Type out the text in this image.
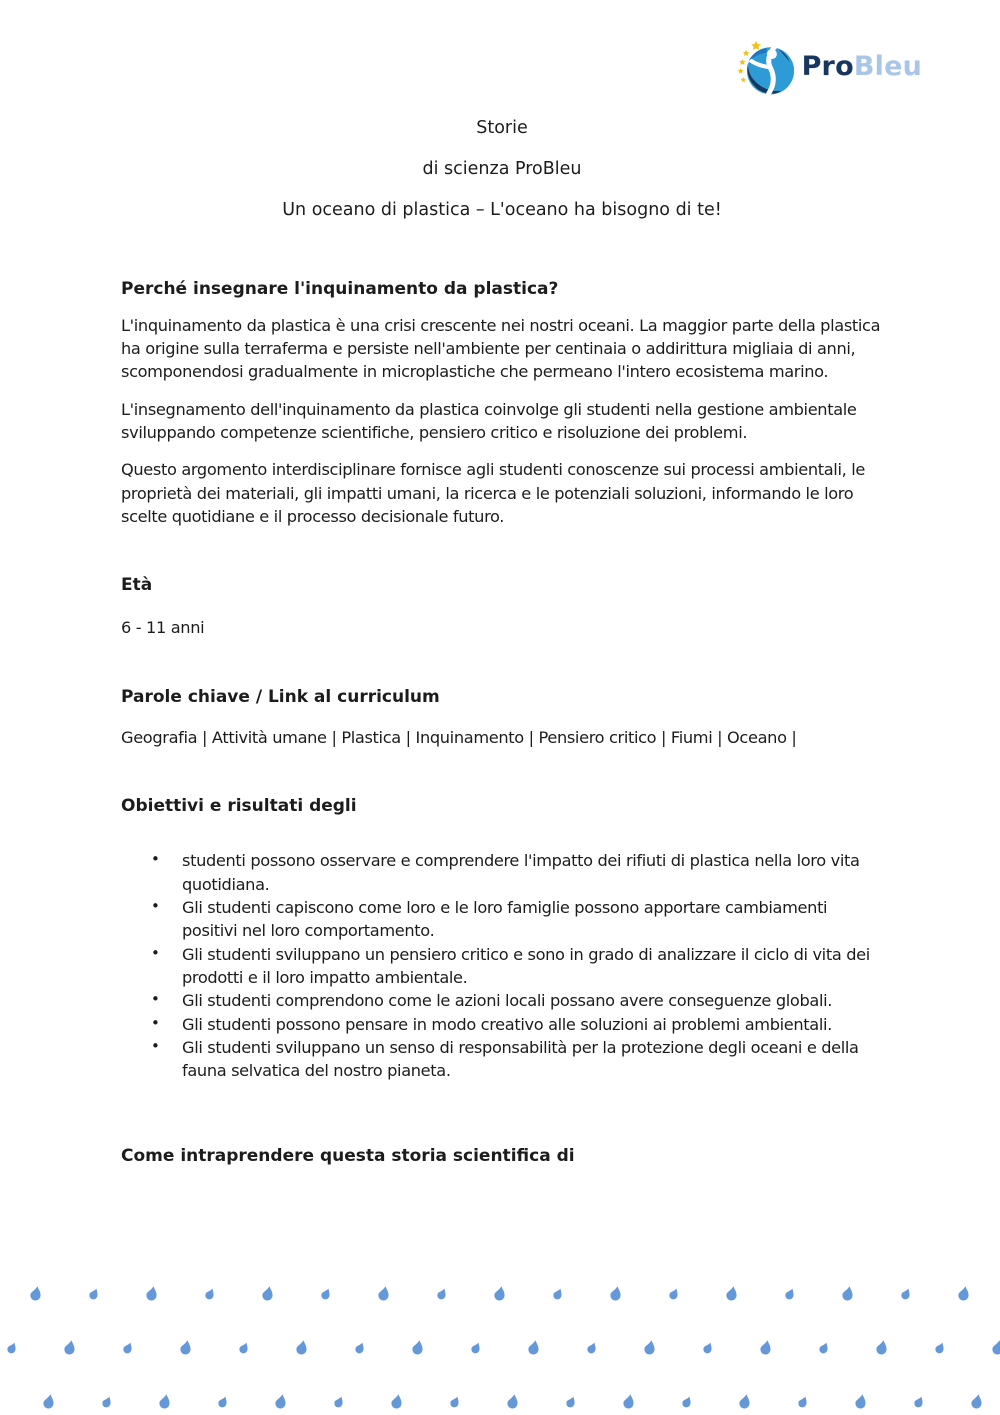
ProBleu
Storie
di scienza ProBleu
Un oceano di plastica – L'oceano ha bisogno di te!
Perché insegnare l'inquinamento da plastica?

L'inquinamento da plastica è una crisi crescente nei nostri oceani. La maggior parte della plastica ha origine sulla terraferma e persiste nell'ambiente per centinaia o addirittura migliaia di anni, scomponendosi gradualmente in microplastiche che permeano l'intero ecosistema marino.

L'insegnamento dell'inquinamento da plastica coinvolge gli studenti nella gestione ambientale sviluppando competenze scientifiche, pensiero critico e risoluzione dei problemi.

Questo argomento interdisciplinare fornisce agli studenti conoscenze sui processi ambientali, le proprietà dei materiali, gli impatti umani, la ricerca e le potenziali soluzioni, informando le loro scelte quotidiane e il processo decisionale futuro.

Età

6 - 11 anni

Parole chiave / Link al curriculum

Geografia | Attività umane | Plastica | Inquinamento | Pensiero critico | Fiumi | Oceano |

Obiettivi e risultati degli
• studenti possono osservare e comprendere l'impatto dei rifiuti di plastica nella loro vita quotidiana.
• Gli studenti capiscono come loro e le loro famiglie possono apportare cambiamenti positivi nel loro comportamento.
• Gli studenti sviluppano un pensiero critico e sono in grado di analizzare il ciclo di vita dei prodotti e il loro impatto ambientale.
• Gli studenti comprendono come le azioni locali possano avere conseguenze globali.
• Gli studenti possono pensare in modo creativo alle soluzioni ai problemi ambientali.
• Gli studenti sviluppano un senso di responsabilità per la protezione degli oceani e della fauna selvatica del nostro pianeta.
Come intraprendere questa storia scientifica di
